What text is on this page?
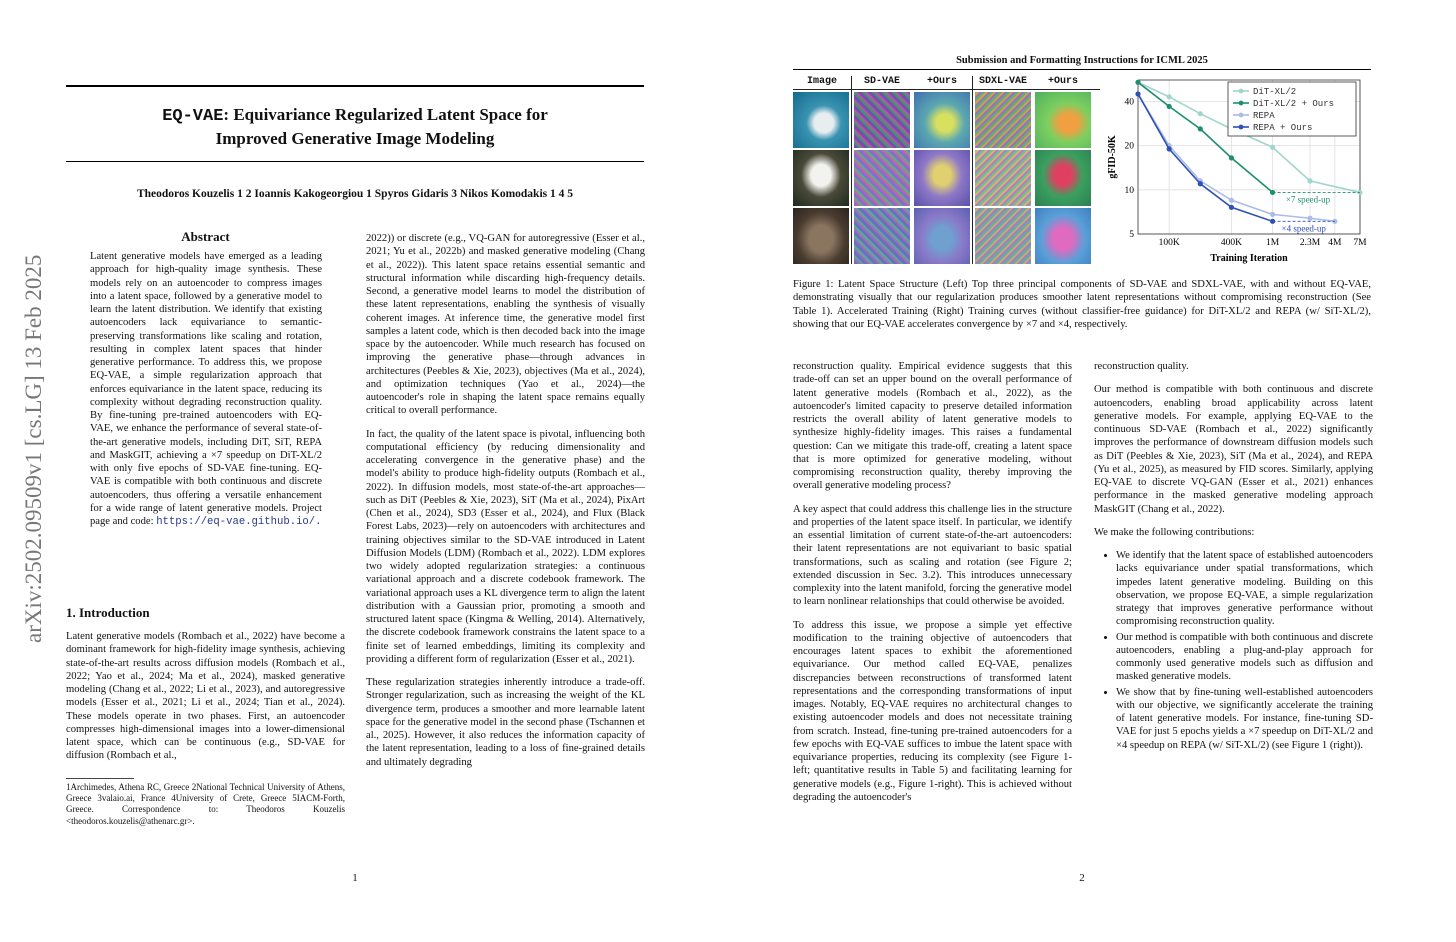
arXiv:2502.09509v1 [cs.LG] 13 Feb 2025
EQ-VAE: Equivariance Regularized Latent Space for
Improved Generative Image Modeling
Theodoros Kouzelis 1 2 Ioannis Kakogeorgiou 1 Spyros Gidaris 3 Nikos Komodakis 1 4 5
Abstract
Latent generative models have emerged as a leading approach for high-quality image synthesis. These models rely on an autoencoder to compress images into a latent space, followed by a generative model to learn the latent distribution. We identify that existing autoencoders lack equivariance to semantic-preserving transformations like scaling and rotation, resulting in complex latent spaces that hinder generative performance. To address this, we propose EQ-VAE, a simple regularization approach that enforces equivariance in the latent space, reducing its complexity without degrading reconstruction quality. By fine-tuning pre-trained autoencoders with EQ-VAE, we enhance the performance of several state-of-the-art generative models, including DiT, SiT, REPA and MaskGIT, achieving a ×7 speedup on DiT-XL/2 with only five epochs of SD-VAE fine-tuning. EQ-VAE is compatible with both continuous and discrete autoencoders, thus offering a versatile enhancement for a wide range of latent generative models. Project page and code: https://eq-vae.github.io/.
1. Introduction
Latent generative models (Rombach et al., 2022) have become a dominant framework for high-fidelity image synthesis, achieving state-of-the-art results across diffusion models (Rombach et al., 2022; Yao et al., 2024; Ma et al., 2024), masked generative modeling (Chang et al., 2022; Li et al., 2023), and autoregressive models (Esser et al., 2021; Li et al., 2024; Tian et al., 2024). These models operate in two phases. First, an autoencoder compresses high-dimensional images into a lower-dimensional latent space, which can be continuous (e.g., SD-VAE for diffusion (Rombach et al.,
1Archimedes, Athena RC, Greece 2National Technical University of Athens, Greece 3valaio.ai, France 4University of Crete, Greece 5IACM-Forth, Greece. Correspondence to: Theodoros Kouzelis <theodoros.kouzelis@athenarc.gr>.

2022)) or discrete (e.g., VQ-GAN for autoregressive (Esser et al., 2021; Yu et al., 2022b) and masked generative modeling (Chang et al., 2022)). This latent space retains essential semantic and structural information while discarding high-frequency details. Second, a generative model learns to model the distribution of these latent representations, enabling the synthesis of visually coherent images. At inference time, the generative model first samples a latent code, which is then decoded back into the image space by the autoencoder. While much research has focused on improving the generative phase—through advances in architectures (Peebles & Xie, 2023), objectives (Ma et al., 2024), and optimization techniques (Yao et al., 2024)—the autoencoder's role in shaping the latent space remains equally critical to overall performance.

In fact, the quality of the latent space is pivotal, influencing both computational efficiency (by reducing dimensionality and accelerating convergence in the generative phase) and the model's ability to produce high-fidelity outputs (Rombach et al., 2022). In diffusion models, most state-of-the-art approaches—such as DiT (Peebles & Xie, 2023), SiT (Ma et al., 2024), PixArt (Chen et al., 2024), SD3 (Esser et al., 2024), and Flux (Black Forest Labs, 2023)—rely on autoencoders with architectures and training objectives similar to the SD-VAE introduced in Latent Diffusion Models (LDM) (Rombach et al., 2022). LDM explores two widely adopted regularization strategies: a continuous variational approach and a discrete codebook framework. The variational approach uses a KL divergence term to align the latent distribution with a Gaussian prior, promoting a smooth and structured latent space (Kingma & Welling, 2014). Alternatively, the discrete codebook framework constrains the latent space to a finite set of learned embeddings, limiting its complexity and providing a different form of regularization (Esser et al., 2021).

These regularization strategies inherently introduce a trade-off. Stronger regularization, such as increasing the weight of the KL divergence term, produces a smoother and more learnable latent space for the generative model in the second phase (Tschannen et al., 2025). However, it also reduces the information capacity of the latent representation, leading to a loss of fine-grained details and ultimately degrading

1
Submission and Formatting Instructions for ICML 2025
Image	SD-VAE	+Ours	SDXL-VAE	+Ours
100K	400K	1M 2.3M 4M 7M
5
10
20
40
Training Iteration
gFID-50K
×7 speed-up
×4 speed-up
DiT-XL/2
DiT-XL/2 + Ours
REPA
REPA + Ours
Figure 1: Latent Space Structure (Left) Top three principal components of SD-VAE and SDXL-VAE, with and without EQ-VAE, demonstrating visually that our regularization produces smoother latent representations without compromising reconstruction (See Table 1). Accelerated Training (Right) Training curves (without classifier-free guidance) for DiT-XL/2 and REPA (w/ SiT-XL/2), showing that our EQ-VAE accelerates convergence by ×7 and ×4, respectively.

reconstruction quality. Empirical evidence suggests that this trade-off can set an upper bound on the overall performance of latent generative models (Rombach et al., 2022), as the autoencoder's limited capacity to preserve detailed information restricts the overall ability of latent generative models to synthesize highly-fidelity images. This raises a fundamental question: Can we mitigate this trade-off, creating a latent space that is more optimized for generative modeling, without compromising reconstruction quality, thereby improving the overall generative modeling process?

A key aspect that could address this challenge lies in the structure and properties of the latent space itself. In particular, we identify an essential limitation of current state-of-the-art autoencoders: their latent representations are not equivariant to basic spatial transformations, such as scaling and rotation (see Figure 2; extended discussion in Sec. 3.2). This introduces unnecessary complexity into the latent manifold, forcing the generative model to learn nonlinear relationships that could otherwise be avoided.

To address this issue, we propose a simple yet effective modification to the training objective of autoencoders that encourages latent spaces to exhibit the aforementioned equivariance. Our method called EQ-VAE, penalizes discrepancies between reconstructions of transformed latent representations and the corresponding transformations of input images. Notably, EQ-VAE requires no architectural changes to existing autoencoder models and does not necessitate training from scratch. Instead, fine-tuning pre-trained autoencoders for a few epochs with EQ-VAE suffices to imbue the latent space with equivariance properties, reducing its complexity (see Figure 1-left; quantitative results in Table 5) and facilitating learning for generative models (e.g., Figure 1-right). This is achieved without degrading the autoencoder's

reconstruction quality.

Our method is compatible with both continuous and discrete autoencoders, enabling broad applicability across latent generative models. For example, applying EQ-VAE to the continuous SD-VAE (Rombach et al., 2022) significantly improves the performance of downstream diffusion models such as DiT (Peebles & Xie, 2023), SiT (Ma et al., 2024), and REPA (Yu et al., 2025), as measured by FID scores. Similarly, applying EQ-VAE to discrete VQ-GAN (Esser et al., 2021) enhances performance in the masked generative modeling approach MaskGIT (Chang et al., 2022).

We make the following contributions:

• We identify that the latent space of established autoencoders lacks equivariance under spatial transformations, which impedes latent generative modeling. Building on this observation, we propose EQ-VAE, a simple regularization strategy that improves generative performance without compromising reconstruction quality.
• Our method is compatible with both continuous and discrete autoencoders, enabling a plug-and-play approach for commonly used generative models such as diffusion and masked generative models.
• We show that by fine-tuning well-established autoencoders with our objective, we significantly accelerate the training of latent generative models. For instance, fine-tuning SD-VAE for just 5 epochs yields a ×7 speedup on DiT-XL/2 and ×4 speedup on REPA (w/ SiT-XL/2) (see Figure 1 (right)).
2
